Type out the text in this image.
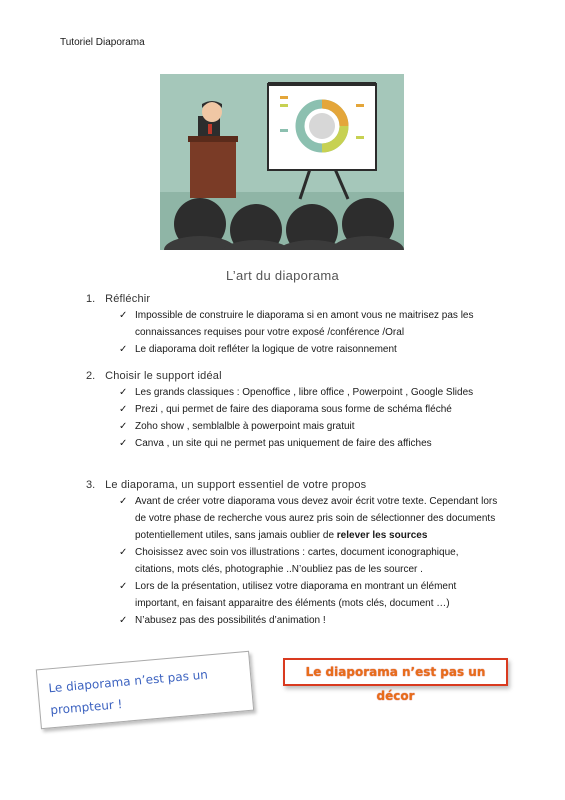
Tutoriel Diaporama
L’art du diaporama
1. Réfléchir
✓ Impossible de construire le diaporama si en amont vous ne maitrisez pas les connaissances requises pour votre exposé /conférence /Oral
✓ Le diaporama doit refléter la logique de votre raisonnement
2. Choisir le support idéal
✓ Les grands classiques : Openoffice , libre office , Powerpoint , Google Slides
✓ Prezi , qui permet de faire des diaporama sous forme de schéma fléché
✓ Zoho show , semblalble à powerpoint mais gratuit
✓ Canva , un site qui ne permet pas uniquement de faire des affiches
3. Le diaporama, un support essentiel de votre propos
✓ Avant de créer votre diaporama vous devez avoir écrit votre texte. Cependant lors de votre phase de recherche vous aurez pris soin de sélectionner des documents potentiellement utiles, sans jamais oublier de relever les sources
✓ Choisissez avec soin vos illustrations : cartes, document iconographique, citations, mots clés, photographie ..N’oubliez pas de les sourcer .
✓ Lors de la présentation, utilisez votre diaporama en montrant un élément important, en faisant apparaitre des éléments (mots clés, document …)
✓ N’abusez pas des possibilités d’animation !
Le diaporama n’est pas un
prompteur !
Le diaporama n’est pas un décor
